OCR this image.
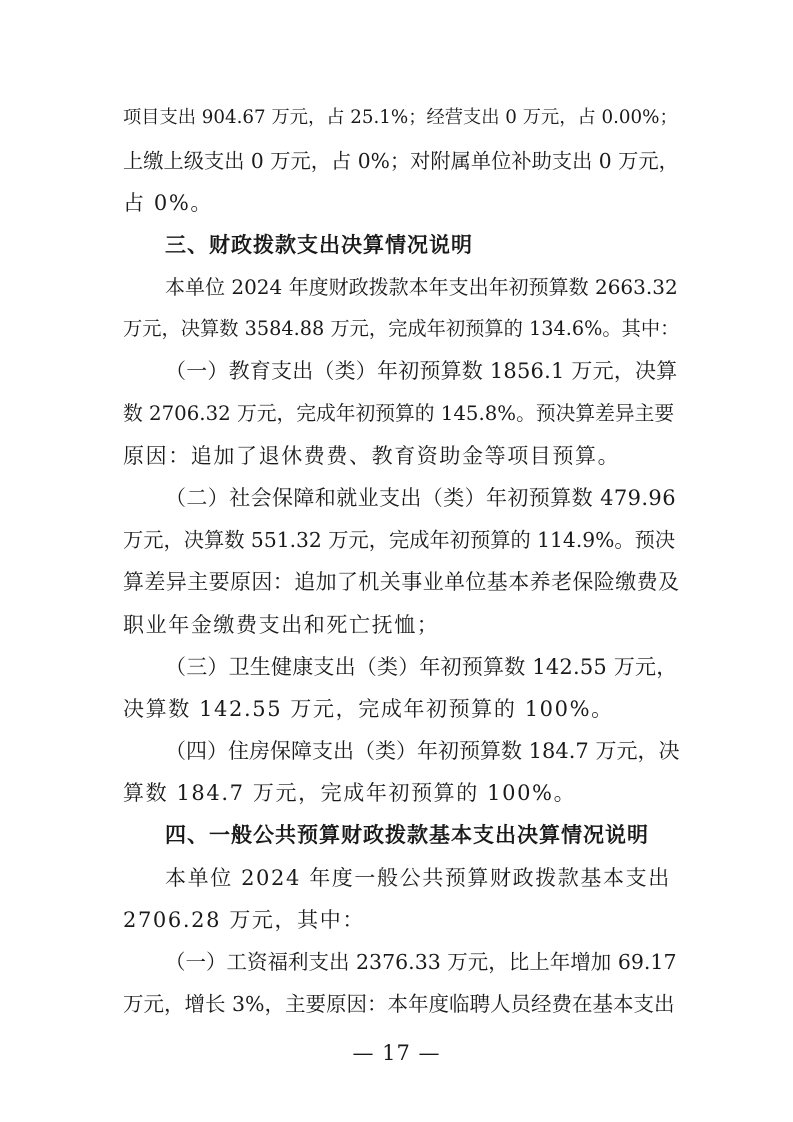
项目支出 904.67 万元，占 25.1%；经营支出 0 万元，占 0.00%；
上缴上级支出 0 万元，占 0%；对附属单位补助支出 0 万元，
占 0%。
三、财政拨款支出决算情况说明
本单位 2024 年度财政拨款本年支出年初预算数 2663.32
万元，决算数 3584.88 万元，完成年初预算的 134.6%。其中：
（一）教育支出（类）年初预算数 1856.1 万元，决算
数 2706.32 万元，完成年初预算的 145.8%。预决算差异主要
原因：追加了退休费费、教育资助金等项目预算。
（二）社会保障和就业支出（类）年初预算数 479.96
万元，决算数 551.32 万元，完成年初预算的 114.9%。预决
算差异主要原因：追加了机关事业单位基本养老保险缴费及
职业年金缴费支出和死亡抚恤；
（三）卫生健康支出（类）年初预算数 142.55 万元，
决算数 142.55 万元，完成年初预算的 100%。
（四）住房保障支出（类）年初预算数 184.7 万元，决
算数 184.7 万元，完成年初预算的 100%。
四、一般公共预算财政拨款基本支出决算情况说明
本单位 2024 年度一般公共预算财政拨款基本支出
2706.28 万元，其中：
（一）工资福利支出 2376.33 万元，比上年增加 69.17
万元，增长 3%，主要原因：本年度临聘人员经费在基本支出
— 17 —
